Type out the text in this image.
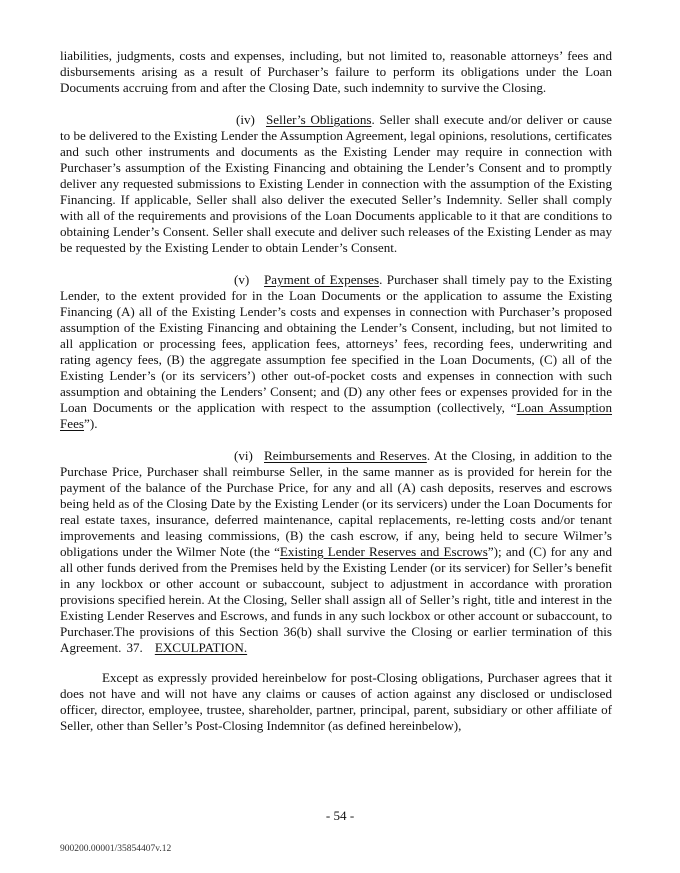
liabilities, judgments, costs and expenses, including, but not limited to, reasonable attorneys’ fees and disbursements arising as a result of Purchaser’s failure to perform its obligations under the Loan Documents accruing from and after the Closing Date, such indemnity to survive the Closing.

(iv) Seller’s Obligations. Seller shall execute and/or deliver or cause to be delivered to the Existing Lender the Assumption Agreement, legal opinions, resolutions, certificates and such other instruments and documents as the Existing Lender may require in connection with Purchaser’s assumption of the Existing Financing and obtaining the Lender’s Consent and to promptly deliver any requested submissions to Existing Lender in connection with the assumption of the Existing Financing. If applicable, Seller shall also deliver the executed Seller’s Indemnity. Seller shall comply with all of the requirements and provisions of the Loan Documents applicable to it that are conditions to obtaining Lender’s Consent. Seller shall execute and deliver such releases of the Existing Lender as may be requested by the Existing Lender to obtain Lender’s Consent.

(v) Payment of Expenses. Purchaser shall timely pay to the Existing Lender, to the extent provided for in the Loan Documents or the application to assume the Existing Financing (A) all of the Existing Lender’s costs and expenses in connection with Purchaser’s proposed assumption of the Existing Financing and obtaining the Lender’s Consent, including, but not limited to all application or processing fees, application fees, attorneys’ fees, recording fees, underwriting and rating agency fees, (B) the aggregate assumption fee specified in the Loan Documents, (C) all of the Existing Lender’s (or its servicers’) other out-of-pocket costs and expenses in connection with such assumption and obtaining the Lenders’ Consent; and (D) any other fees or expenses provided for in the Loan Documents or the application with respect to the assumption (collectively, “Loan Assumption Fees”).

(vi) Reimbursements and Reserves. At the Closing, in addition to the Purchase Price, Purchaser shall reimburse Seller, in the same manner as is provided for herein for the payment of the balance of the Purchase Price, for any and all (A) cash deposits, reserves and escrows being held as of the Closing Date by the Existing Lender (or its servicers) under the Loan Documents for real estate taxes, insurance, deferred maintenance, capital replacements, re-letting costs and/or tenant improvements and leasing commissions, (B) the cash escrow, if any, being held to secure Wilmer’s obligations under the Wilmer Note (the “Existing Lender Reserves and Escrows”); and (C) for any and all other funds derived from the Premises held by the Existing Lender (or its servicer) for Seller’s benefit in any lockbox or other account or subaccount, subject to adjustment in accordance with proration provisions specified herein. At the Closing, Seller shall assign all of Seller’s right, title and interest in the Existing Lender Reserves and Escrows, and funds in any such lockbox or other account or subaccount, to Purchaser.The provisions of this Section 36(b) shall survive the Closing or earlier termination of this Agreement. 37. EXCULPATION.

Except as expressly provided hereinbelow for post-Closing obligations, Purchaser agrees that it does not have and will not have any claims or causes of action against any disclosed or undisclosed officer, director, employee, trustee, shareholder, partner, principal, parent, subsidiary or other affiliate of Seller, other than Seller’s Post-Closing Indemnitor (as defined hereinbelow),

- 54 -
900200.00001/35854407v.12
